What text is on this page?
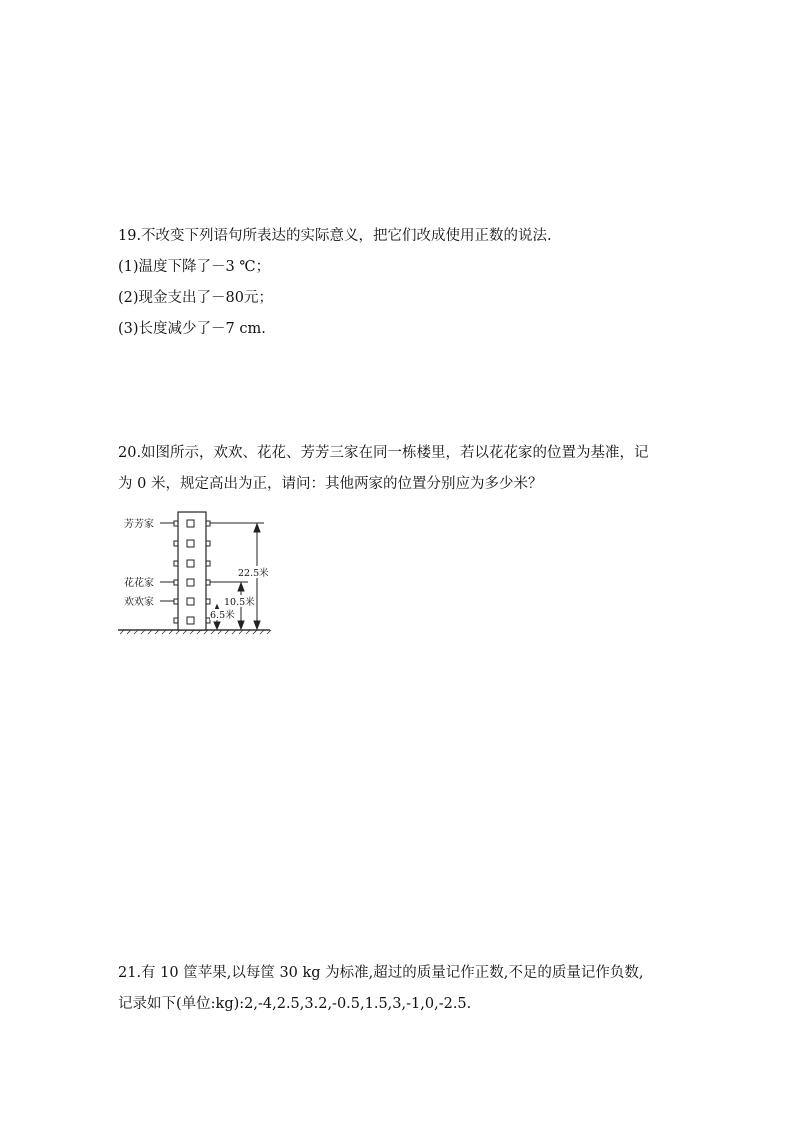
19.不改变下列语句所表达的实际意义，把它们改成使用正数的说法.
(1)温度下降了－3 ℃；
(2)现金支出了－80元；
(3)长度减少了－7 cm.
20.如图所示，欢欢、花花、芳芳三家在同一栋楼里，若以花花家的位置为基准，记
为 0 米，规定高出为正，请问：其他两家的位置分别应为多少米？
芳芳家
花花家
欢欢家
22.5米
10.5米
6.5米
21.有 10 筐苹果,以每筐 30 kg 为标准,超过的质量记作正数,不足的质量记作负数,
记录如下(单位:kg):2,-4,2.5,3.2,-0.5,1.5,3,-1,0,-2.5.
